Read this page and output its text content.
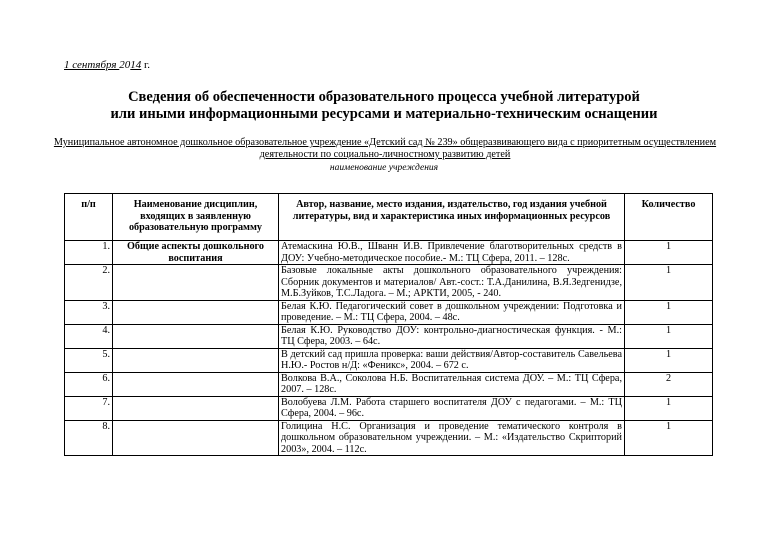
1 сентября 2014 г.
Сведения об обеспеченности образовательного процесса учебной литературой
или иными информационными ресурсами и материально-техническим оснащении
Муниципальное автономное дошкольное образовательное учреждение «Детский сад № 239» общеразвивающего вида с приоритетным осуществлением деятельности по социально-личностному развитию детей
наименование учреждения
п/п	Наименование дисциплин, входящих в заявленную образовательную программу	Автор, название, место издания, издательство, год издания учебной литературы, вид и характеристика иных информационных ресурсов	Количество
1.	Общие аспекты дошкольного воспитания	Атемаскина Ю.В., Шванн И.В. Привлечение благотворительных средств в ДОУ: Учебно-методическое пособие.- М.: ТЦ Сфера, 2011. – 128с.	1
2.		Базовые локальные акты дошкольного образовательного учреждения: Сборник документов и материалов/ Авт.-сост.: Т.А.Данилина, В.Я.Зедгенидзе, М.Б.Зуйков, Т.С.Ладога. – М.; АРКТИ, 2005, - 240.	1
3.		Белая К.Ю. Педагогический совет в дошкольном учреждении: Подготовка и проведение. – М.: ТЦ Сфера, 2004. – 48с.	1
4.		Белая К.Ю. Руководство ДОУ: контрольно-диагностическая функция. - М.: ТЦ Сфера, 2003. – 64с.	1
5.		В детский сад пришла проверка: ваши действия/Автор-составитель Савельева Н.Ю.- Ростов н/Д: «Феникс», 2004. – 672 с.	1
6.		Волкова В.А., Соколова Н.Б. Воспитательная система ДОУ. – М.: ТЦ Сфера, 2007. – 128с.	2
7.		Волобуева Л.М. Работа старшего воспитателя ДОУ с педагогами. – М.: ТЦ Сфера, 2004. – 96с.	1
8.		Голицина Н.С. Организация и проведение тематического контроля в дошкольном образовательном учреждении. – М.: «Издательство Скрипторий 2003», 2004. – 112с.	1
